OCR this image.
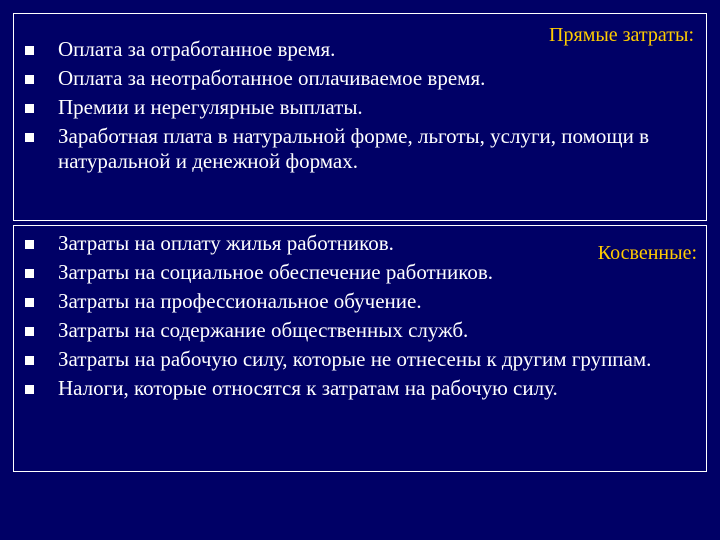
Оплата за отработанное время.
Оплата за неотработанное оплачиваемое время.
Премии и нерегулярные выплаты.
Заработная плата в натуральной форме, льготы, услуги, помощи в натуральной и денежной формах.
Прямые затраты:
Затраты на оплату жилья работников.
Затраты на социальное обеспечение работников.
Затраты на профессиональное обучение.
Затраты на содержание общественных служб.
Затраты на рабочую силу, которые не отнесены к другим группам.
Налоги, которые относятся к затратам на рабочую силу.
Косвенные:
